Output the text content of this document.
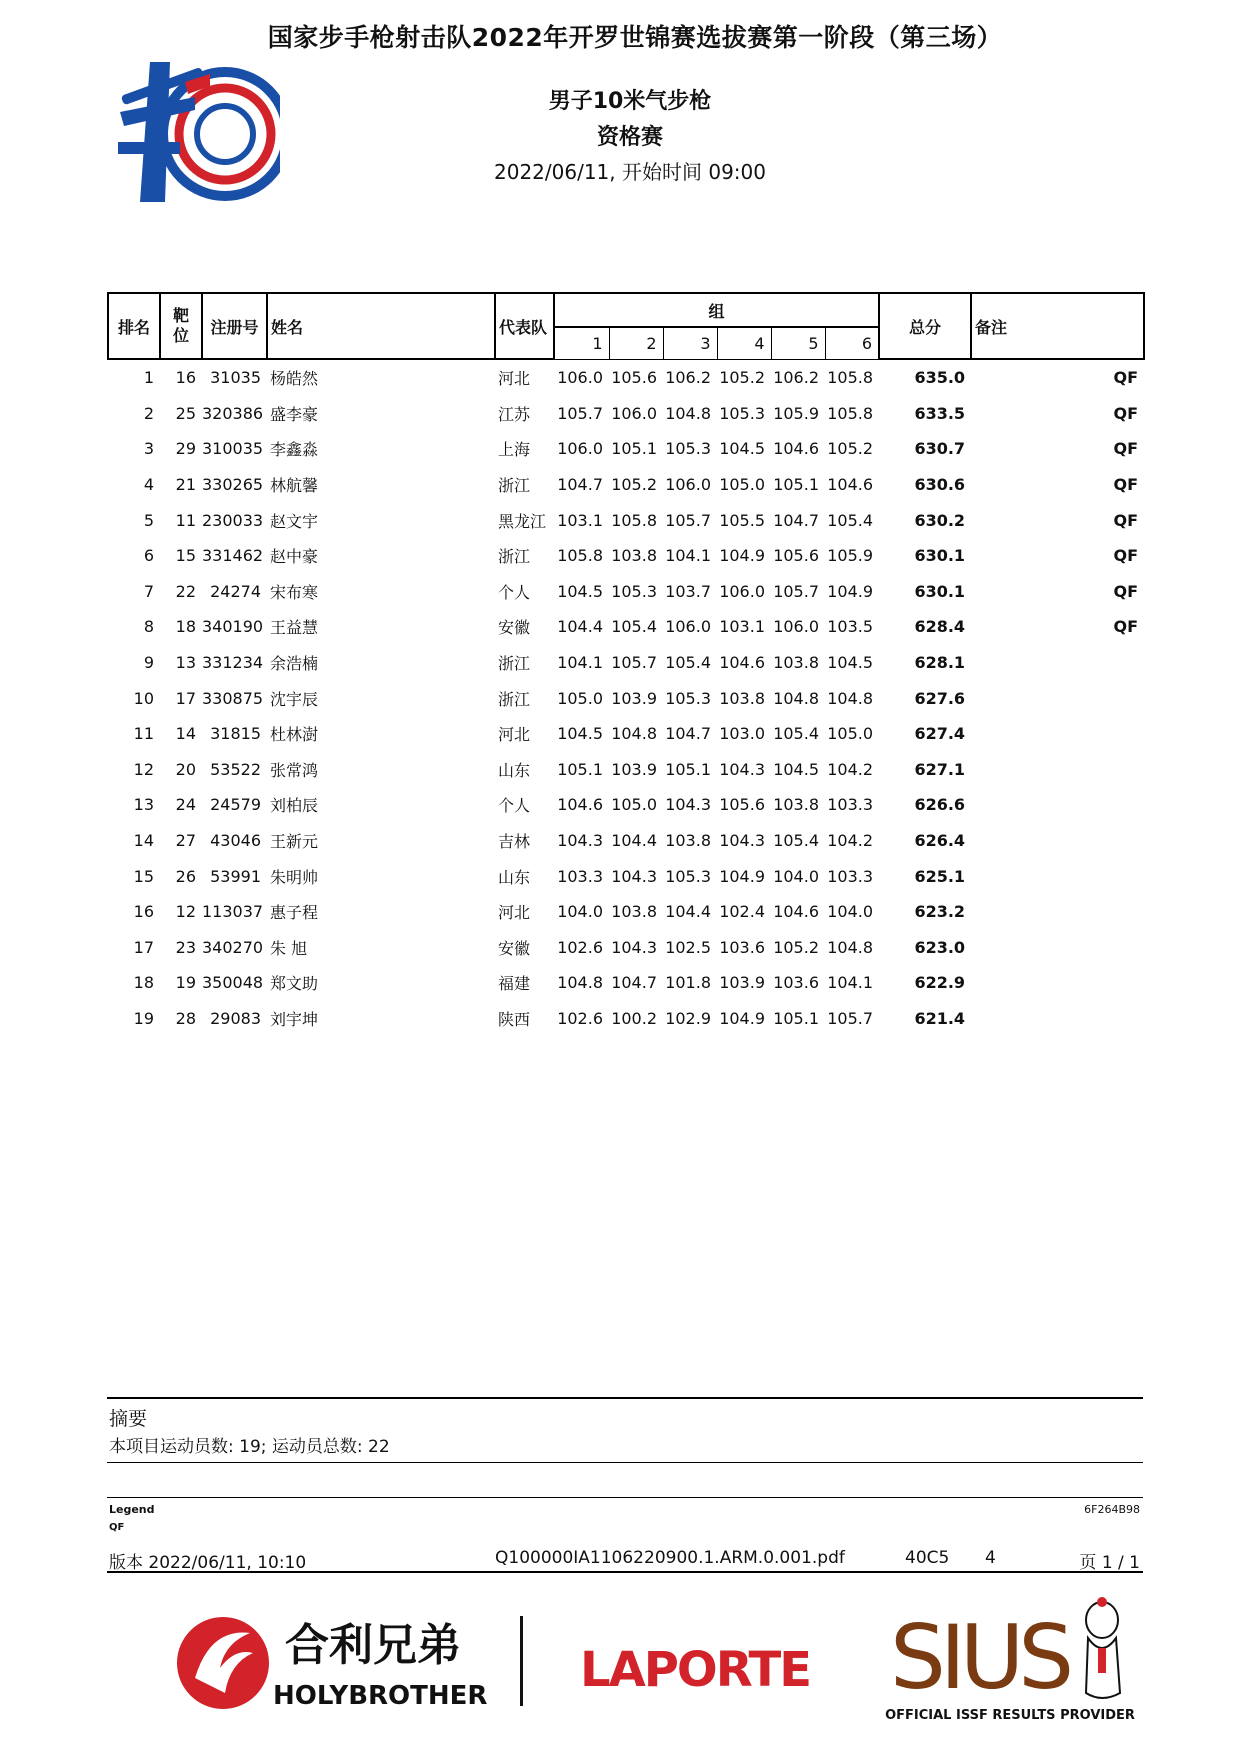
国家步手枪射击队2022年开罗世锦赛选拔赛第一阶段（第三场）
男子10米气步枪
资格赛
2022/06/11, 开始时间 09:00
排名	靶位	注册号	姓名	代表队	组						总分	备注
					1	2	3	4	5	6		
1	16	31035	杨皓然	河北	106.0	105.6	106.2	105.2	106.2	105.8	635.0	QF
2	25	320386	盛李豪	江苏	105.7	106.0	104.8	105.3	105.9	105.8	633.5	QF
3	29	310035	李鑫淼	上海	106.0	105.1	105.3	104.5	104.6	105.2	630.7	QF
4	21	330265	林航馨	浙江	104.7	105.2	106.0	105.0	105.1	104.6	630.6	QF
5	11	230033	赵文宇	黑龙江	103.1	105.8	105.7	105.5	104.7	105.4	630.2	QF
6	15	331462	赵中豪	浙江	105.8	103.8	104.1	104.9	105.6	105.9	630.1	QF
7	22	24274	宋布寒	个人	104.5	105.3	103.7	106.0	105.7	104.9	630.1	QF
8	18	340190	王益慧	安徽	104.4	105.4	106.0	103.1	106.0	103.5	628.4	QF
9	13	331234	余浩楠	浙江	104.1	105.7	105.4	104.6	103.8	104.5	628.1	
10	17	330875	沈宇辰	浙江	105.0	103.9	105.3	103.8	104.8	104.8	627.6	
11	14	31815	杜林澍	河北	104.5	104.8	104.7	103.0	105.4	105.0	627.4	
12	20	53522	张常鸿	山东	105.1	103.9	105.1	104.3	104.5	104.2	627.1	
13	24	24579	刘柏辰	个人	104.6	105.0	104.3	105.6	103.8	103.3	626.6	
14	27	43046	王新元	吉林	104.3	104.4	103.8	104.3	105.4	104.2	626.4	
15	26	53991	朱明帅	山东	103.3	104.3	105.3	104.9	104.0	103.3	625.1	
16	12	113037	惠子程	河北	104.0	103.8	104.4	102.4	104.6	104.0	623.2	
17	23	340270	朱 旭	安徽	102.6	104.3	102.5	103.6	105.2	104.8	623.0	
18	19	350048	郑文助	福建	104.8	104.7	101.8	103.9	103.6	104.1	622.9	
19	28	29083	刘宇坤	陕西	102.6	100.2	102.9	104.9	105.1	105.7	621.4	
摘要
本项目运动员数: 19; 运动员总数: 22
Legend
QF
6F264B98
版本 2022/06/11, 10:10	Q100000IA1106220900.1.ARM.0.001.pdf	40C5 4	页 1 / 1
合利兄弟
HOLYBROTHER LAPORTE SIUS
OFFICIAL ISSF RESULTS PROVIDER
